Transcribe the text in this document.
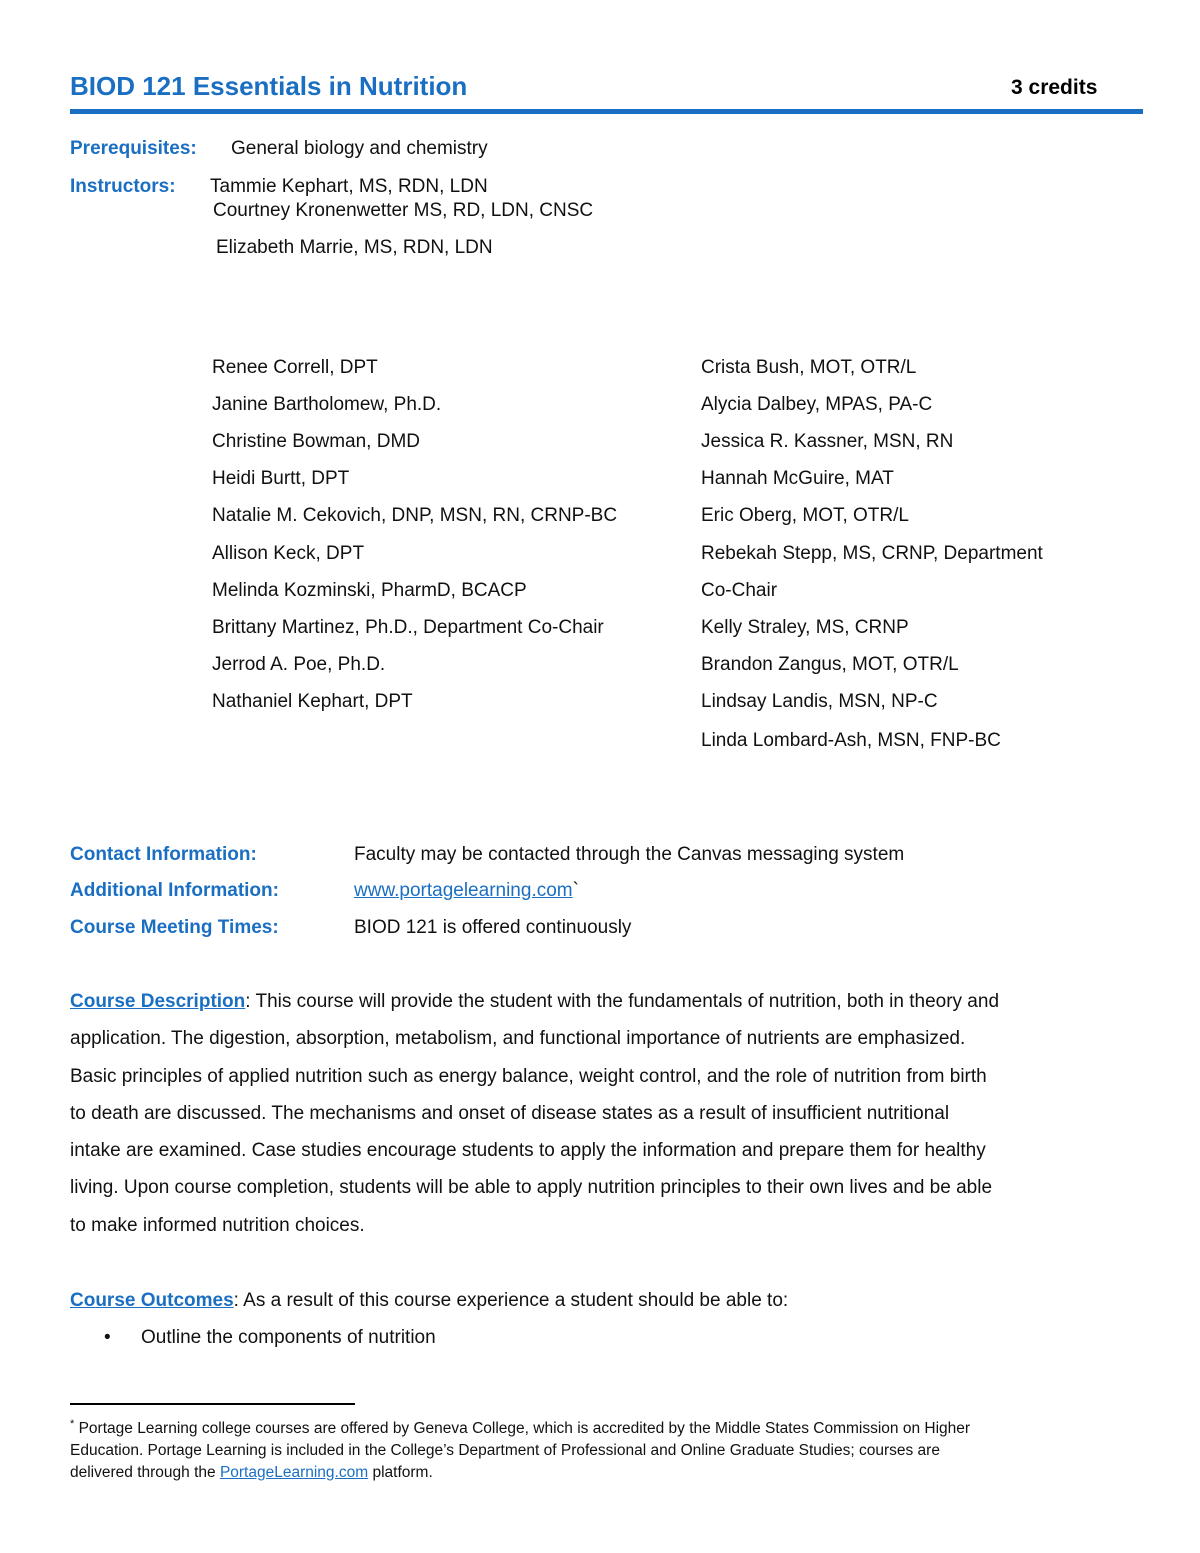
BIOD 121 Essentials in Nutrition	3 credits
Prerequisites: General biology and chemistry
Instructors: Tammie Kephart, MS, RDN, LDN
Courtney Kronenwetter MS, RD, LDN, CNSC
Elizabeth Marrie, MS, RDN, LDN
Renee Correll, DPT
Janine Bartholomew, Ph.D.
Christine Bowman, DMD
Heidi Burtt, DPT
Natalie M. Cekovich, DNP, MSN, RN, CRNP-BC
Allison Keck, DPT
Melinda Kozminski, PharmD, BCACP
Brittany Martinez, Ph.D., Department Co-Chair
Jerrod A. Poe, Ph.D.
Nathaniel Kephart, DPT
Crista Bush, MOT, OTR/L
Alycia Dalbey, MPAS, PA-C
Jessica R. Kassner, MSN, RN
Hannah McGuire, MAT
Eric Oberg, MOT, OTR/L
Rebekah Stepp, MS, CRNP, Department
Co-Chair
Kelly Straley, MS, CRNP
Brandon Zangus, MOT, OTR/L
Lindsay Landis, MSN, NP-C
Linda Lombard-Ash, MSN, FNP-BC
Contact Information:	Faculty may be contacted through the Canvas messaging system
Additional Information:	www.portagelearning.com`
Course Meeting Times:	BIOD 121 is offered continuously
Course Description: This course will provide the student with the fundamentals of nutrition, both in theory and
application. The digestion, absorption, metabolism, and functional importance of nutrients are emphasized.
Basic principles of applied nutrition such as energy balance, weight control, and the role of nutrition from birth
to death are discussed. The mechanisms and onset of disease states as a result of insufficient nutritional
intake are examined. Case studies encourage students to apply the information and prepare them for healthy
living. Upon course completion, students will be able to apply nutrition principles to their own lives and be able
to make informed nutrition choices.
Course Outcomes: As a result of this course experience a student should be able to:
• Outline the components of nutrition
* Portage Learning college courses are offered by Geneva College, which is accredited by the Middle States Commission on Higher
Education. Portage Learning is included in the College’s Department of Professional and Online Graduate Studies; courses are
delivered through the PortageLearning.com platform.
